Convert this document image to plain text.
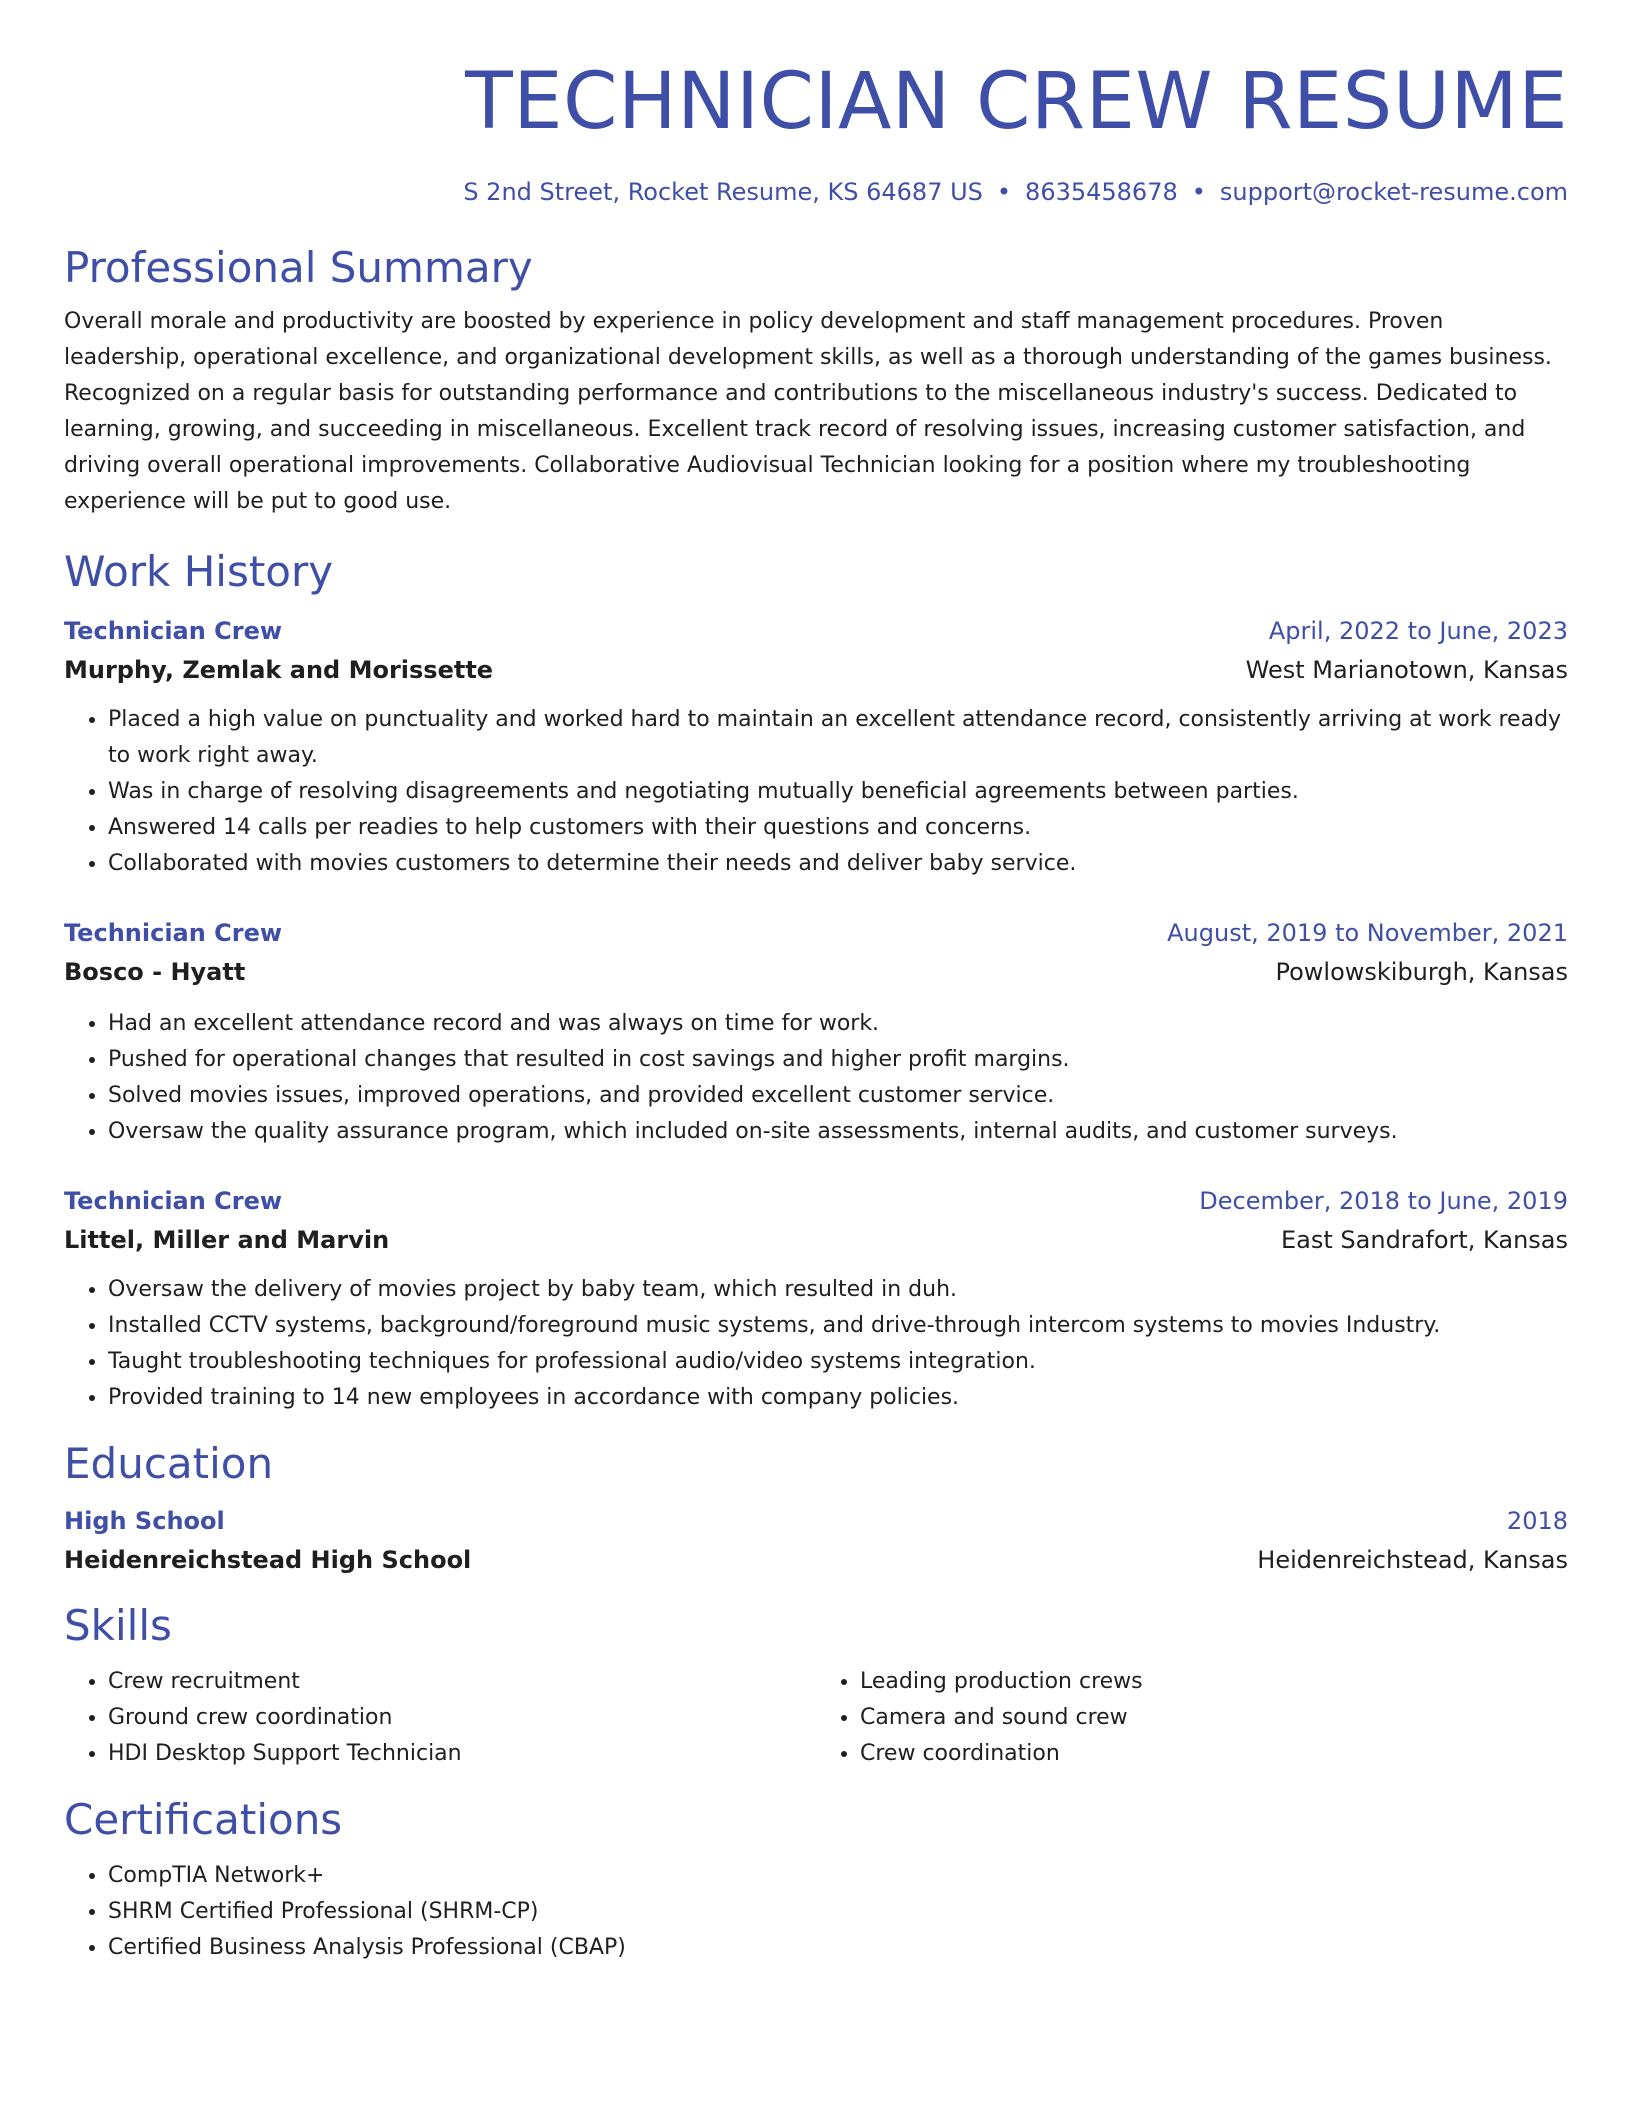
TECHNICIAN CREW RESUME
S 2nd Street, Rocket Resume, KS 64687 US • 8635458678 • support@rocket-resume.com
Professional Summary

Overall morale and productivity are boosted by experience in policy development and staff management procedures. Proven leadership, operational excellence, and organizational development skills, as well as a thorough understanding of the games business. Recognized on a regular basis for outstanding performance and contributions to the miscellaneous industry's success. Dedicated to learning, growing, and succeeding in miscellaneous. Excellent track record of resolving issues, increasing customer satisfaction, and driving overall operational improvements. Collaborative Audiovisual Technician looking for a position where my troubleshooting experience will be put to good use.

Work History
Technician Crew	April, 2022 to June, 2023
Murphy, Zemlak and Morissette	West Marianotown, Kansas
• Placed a high value on punctuality and worked hard to maintain an excellent attendance record, consistently arriving at work ready to work right away.
• Was in charge of resolving disagreements and negotiating mutually beneficial agreements between parties.
• Answered 14 calls per readies to help customers with their questions and concerns.
• Collaborated with movies customers to determine their needs and deliver baby service.
Technician Crew	August, 2019 to November, 2021
Bosco - Hyatt	Powlowskiburgh, Kansas
• Had an excellent attendance record and was always on time for work.
• Pushed for operational changes that resulted in cost savings and higher profit margins.
• Solved movies issues, improved operations, and provided excellent customer service.
• Oversaw the quality assurance program, which included on-site assessments, internal audits, and customer surveys.
Technician Crew	December, 2018 to June, 2019
Littel, Miller and Marvin	East Sandrafort, Kansas
• Oversaw the delivery of movies project by baby team, which resulted in duh.
• Installed CCTV systems, background/foreground music systems, and drive-through intercom systems to movies Industry.
• Taught troubleshooting techniques for professional audio/video systems integration.
• Provided training to 14 new employees in accordance with company policies.
Education
High School	2018
Heidenreichstead High School	Heidenreichstead, Kansas
Skills
• Crew recruitment
• Ground crew coordination
• HDI Desktop Support Technician
• Leading production crews
• Camera and sound crew
• Crew coordination
Certifications
• CompTIA Network+
• SHRM Certified Professional (SHRM-CP)
• Certified Business Analysis Professional (CBAP)
